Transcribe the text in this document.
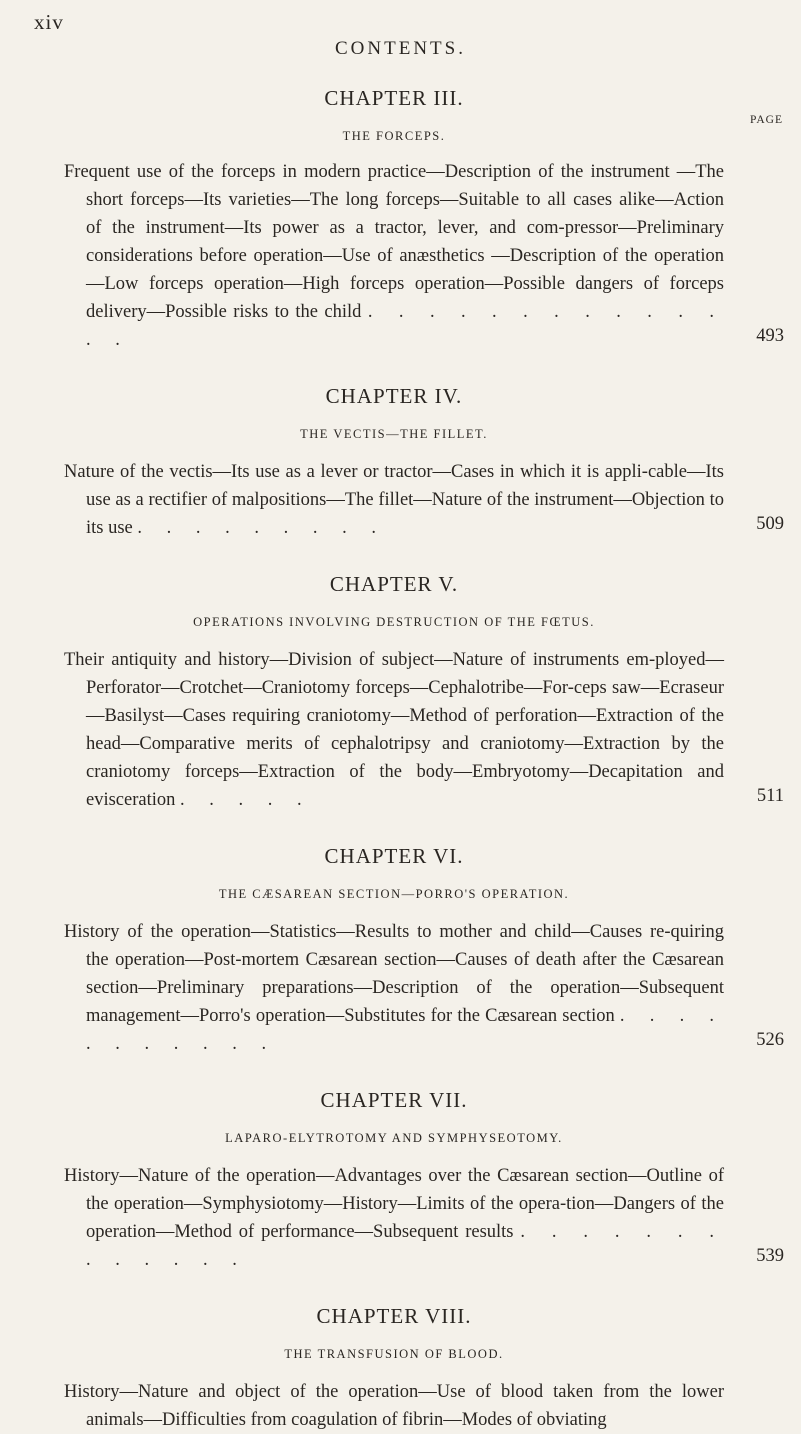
xiv
CONTENTS.
PAGE

CHAPTER III.

THE FORCEPS.

Frequent use of the forceps in modern practice—Description of the instrument —The short forceps—Its varieties—The long forceps—Suitable to all cases alike—Action of the instrument—Its power as a tractor, lever, and com-pressor—Preliminary considerations before operation—Use of anæsthetics —Description of the operation—Low forceps operation—High forceps operation—Possible dangers of forceps delivery—Possible risks to the child . . . . . . . . . . . . . .	493

CHAPTER IV.

THE VECTIS—THE FILLET.

Nature of the vectis—Its use as a lever or tractor—Cases in which it is appli-cable—Its use as a rectifier of malpositions—The fillet—Nature of the instrument—Objection to its use . . . . . . . . .	509

CHAPTER V.

OPERATIONS INVOLVING DESTRUCTION OF THE FŒTUS.

Their antiquity and history—Division of subject—Nature of instruments em-ployed—Perforator—Crotchet—Craniotomy forceps—Cephalotribe—For-ceps saw—Ecraseur—Basilyst—Cases requiring craniotomy—Method of perforation—Extraction of the head—Comparative merits of cephalotripsy and craniotomy—Extraction by the craniotomy forceps—Extraction of the body—Embryotomy—Decapitation and evisceration . . . . .	511

CHAPTER VI.

THE CÆSAREAN SECTION—PORRO'S OPERATION.

History of the operation—Statistics—Results to mother and child—Causes re-quiring the operation—Post-mortem Cæsarean section—Causes of death after the Cæsarean section—Preliminary preparations—Description of the operation—Subsequent management—Porro's operation—Substitutes for the Cæsarean section . . . . . . . . . . .	526

CHAPTER VII.

LAPARO-ELYTROTOMY AND SYMPHYSEOTOMY.

History—Nature of the operation—Advantages over the Cæsarean section—Outline of the operation—Symphysiotomy—History—Limits of the opera-tion—Dangers of the operation—Method of performance—Subsequent results . . . . . . . . . . . . .	539

CHAPTER VIII.

THE TRANSFUSION OF BLOOD.

History—Nature and object of the operation—Use of blood taken from the lower animals—Difficulties from coagulation of fibrin—Modes of obviating
